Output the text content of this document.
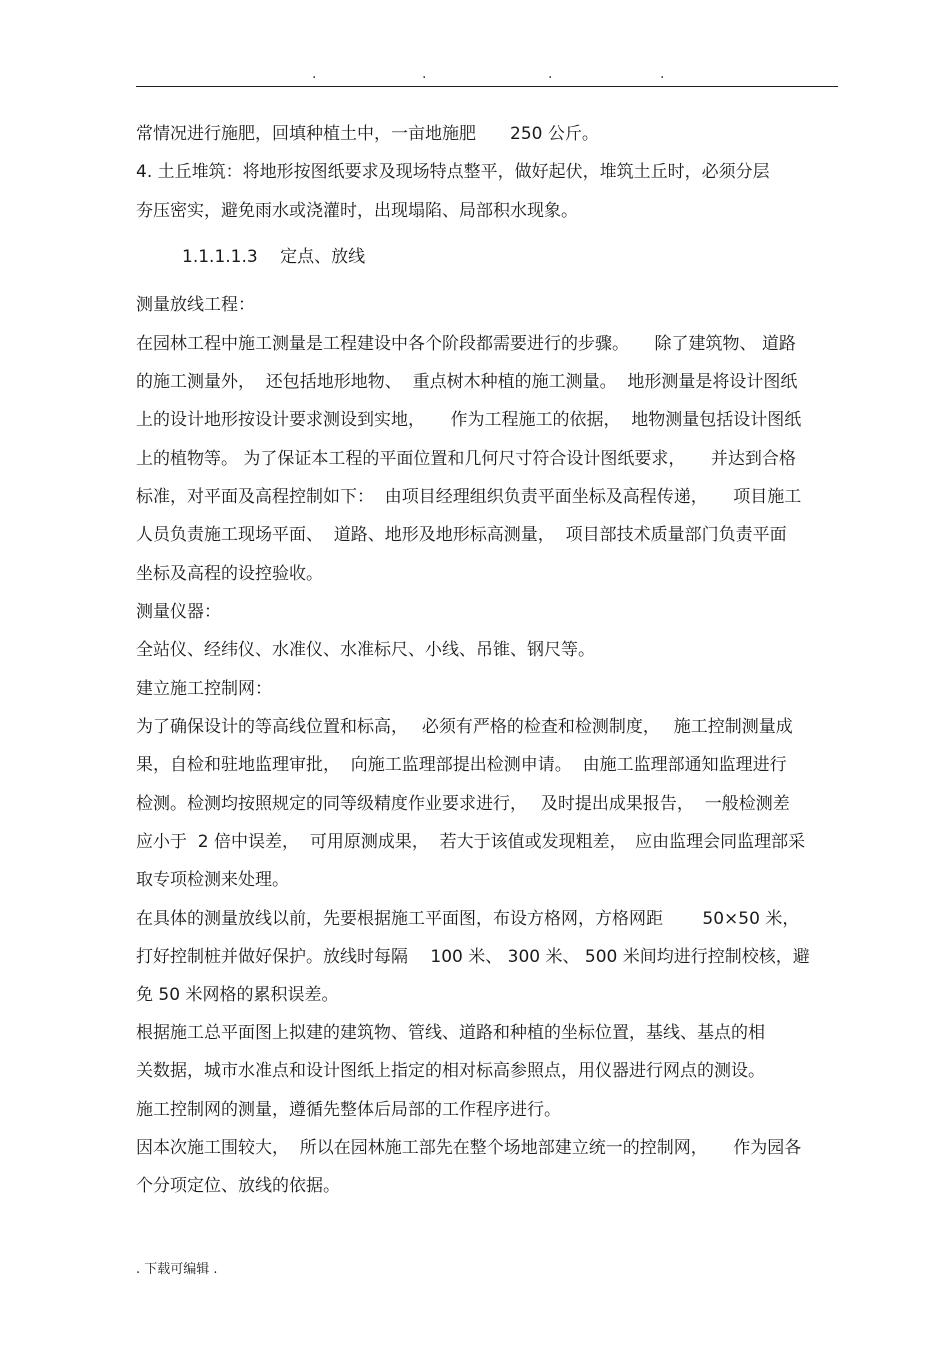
.	.	.	.
常情况进行施肥，回填种植土中，一亩地施肥　　250 公斤。
4. 土丘堆筑：将地形按图纸要求及现场特点整平，做好起伏，堆筑土丘时，必须分层
夯压密实，避免雨水或浇灌时，出现塌陷、局部积水现象。
1.1.1.1.3　 定点、放线
测量放线工程：
在园林工程中施工测量是工程建设中各个阶段都需要进行的步骤。　　除了建筑物、 道路
的施工测量外，  还包括地形地物、  重点树木种植的施工测量。  地形测量是将设计图纸
上的设计地形按设计要求测设到实地，　　作为工程施工的依据，  地物测量包括设计图纸
上的植物等。 为了保证本工程的平面位置和几何尺寸符合设计图纸要求，　　并达到合格
标准，对平面及高程控制如下：  由项目经理组织负责平面坐标及高程传递，　　项目施工
人员负责施工现场平面、  道路、地形及地形标高测量，  项目部技术质量部门负责平面
坐标及高程的设控验收。
测量仪器：
全站仪、经纬仪、水准仪、水准标尺、小线、吊锥、钢尺等。
建立施工控制网：
为了确保设计的等高线位置和标高，　 必须有严格的检查和检测制度，　 施工控制测量成
果，自检和驻地监理审批，  向施工监理部提出检测申请。  由施工监理部通知监理进行
检测。检测均按照规定的同等级精度作业要求进行，　 及时提出成果报告，  一般检测差
应小于  2 倍中误差，  可用原测成果，  若大于该值或发现粗差，　应由监理会同监理部采
取专项检测来处理。
在具体的测量放线以前，先要根据施工平面图，布设方格网，方格网距　　 50×50 米，
打好控制桩并做好保护。放线时每隔　 100 米、 300 米、 500 米间均进行控制校核，避
免 50 米网格的累积误差。
根据施工总平面图上拟建的建筑物、管线、道路和种植的坐标位置，基线、基点的相
关数据，城市水准点和设计图纸上指定的相对标高参照点，用仪器进行网点的测设。
施工控制网的测量，遵循先整体后局部的工作程序进行。
因本次施工围较大，  所以在园林施工部先在整个场地部建立统一的控制网，　　作为园各
个分项定位、放线的依据。
. 下载可编辑 .
